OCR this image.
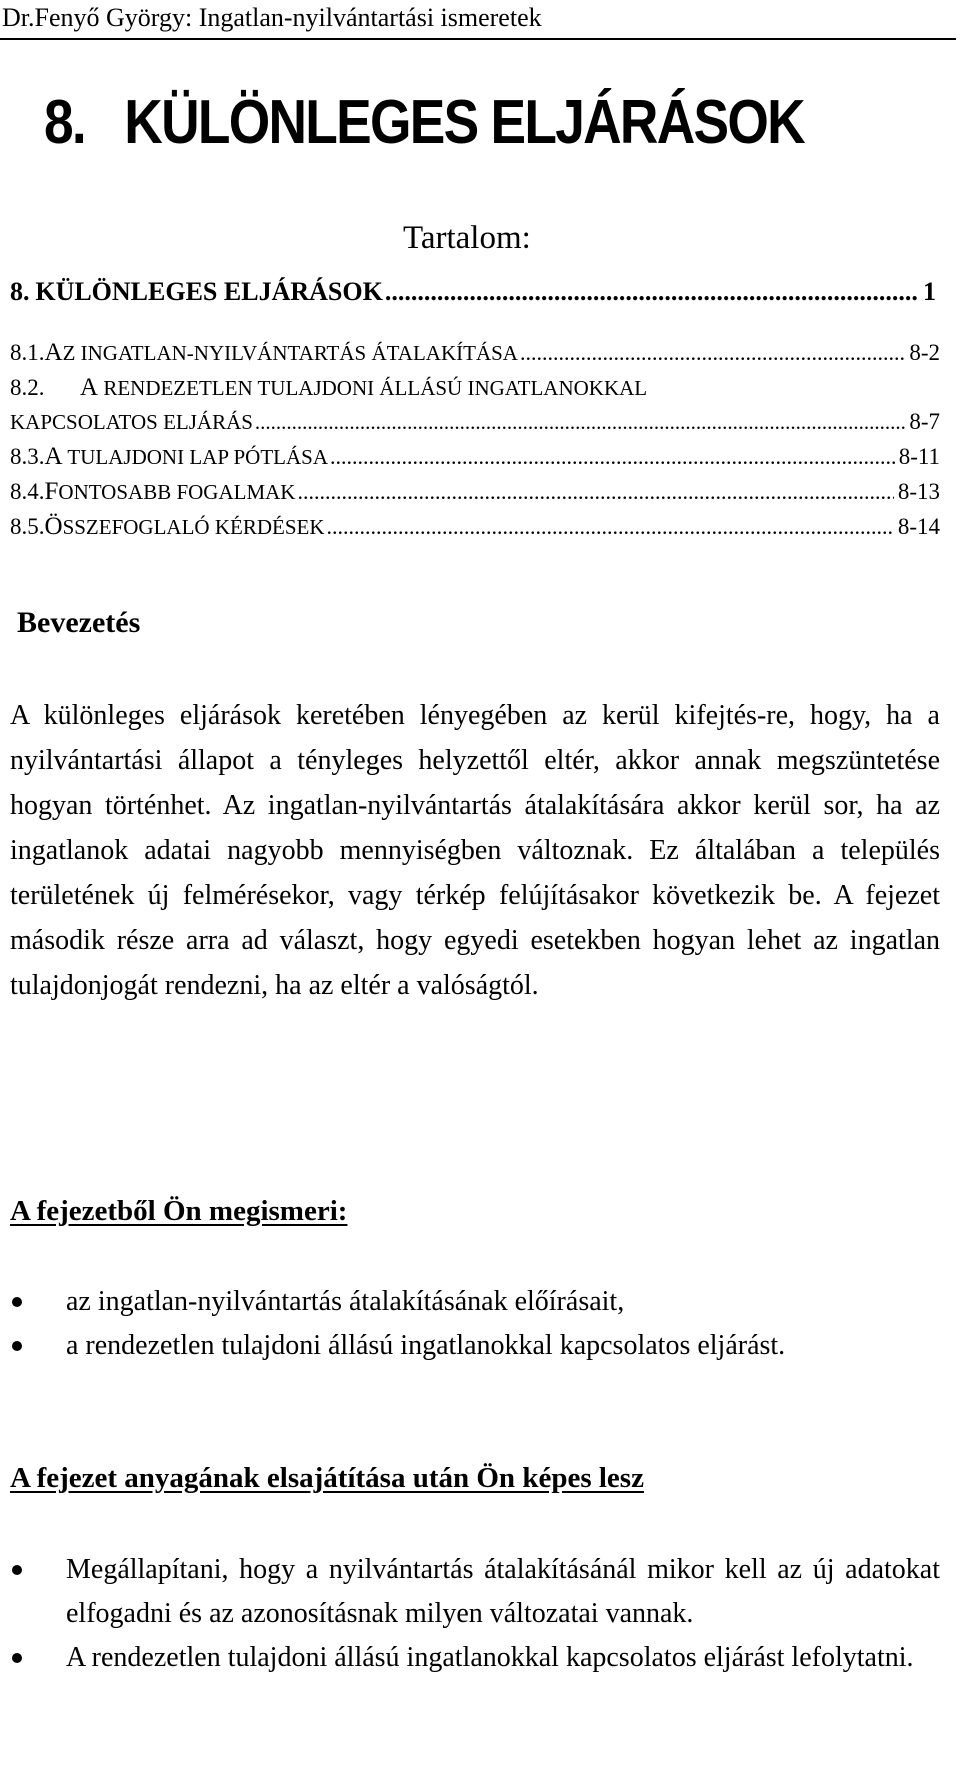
Dr.Fenyő György: Ingatlan-nyilvántartási ismeretek
8.   KÜLÖNLEGES ELJÁRÁSOK
Tartalom:
8. KÜLÖNLEGES ELJÁRÁSOK .....	1
8.1. AZ INGATLAN-NYILVÁNTARTÁS ÁTALAKÍTÁSA .....	8-2
8.2.	A RENDEZETLEN TULAJDONI ÁLLÁSÚ INGATLANOKKAL
KAPCSOLATOS ELJÁRÁS .....	8-7
8.3. A TULAJDONI LAP PÓTLÁSA .....	8-11
8.4. FONTOSABB FOGALMAK .....	8-13
8.5. ÖSSZEFOGLALÓ KÉRDÉSEK .....	8-14
Bevezetés

A különleges eljárások keretében lényegében az kerül kifejtés-re, hogy, ha a nyilvántartási állapot a tényleges helyzettől eltér, akkor annak megszüntetése hogyan történhet. Az ingatlan-nyilvántartás átalakítására akkor kerül sor, ha az ingatlanok adatai nagyobb mennyiségben változnak. Ez általában a település területének új felmérésekor, vagy térkép felújításakor következik be. A fejezet második része arra ad választ, hogy egyedi esetekben hogyan lehet az ingatlan tulajdonjogát rendezni, ha az eltér a valóságtól.

A fejezetből Ön megismeri:
az ingatlan-nyilvántartás átalakításának előírásait,
a rendezetlen tulajdoni állású ingatlanokkal kapcsolatos eljárást.
A fejezet anyagának elsajátítása után Ön képes lesz
Megállapítani, hogy a nyilvántartás átalakításánál mikor kell az új adatokat elfogadni és az azonosításnak milyen változatai vannak.
A rendezetlen tulajdoni állású ingatlanokkal kapcsolatos eljárást lefolytatni.
